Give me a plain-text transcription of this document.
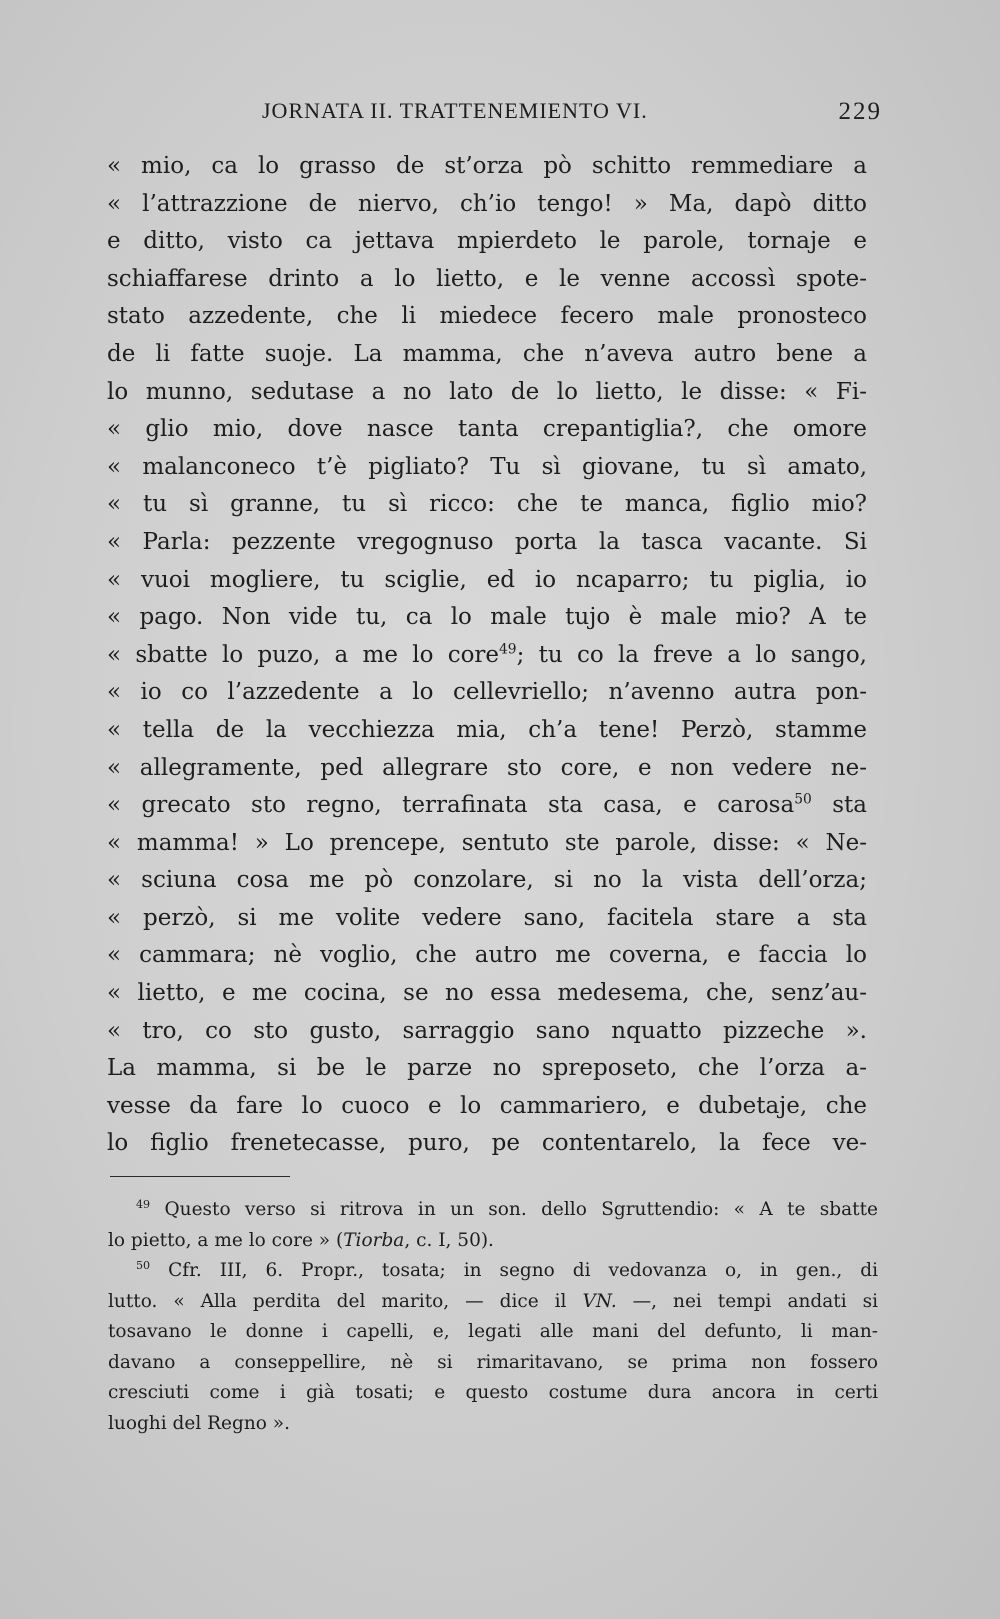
JORNATA II. TRATTENEMIENTO VI.	229
« mio, ca lo grasso de st’orza pò schitto remmediare a
« l’attrazzione de niervo, ch’io tengo! » Ma, dapò ditto
e ditto, visto ca jettava mpierdeto le parole, tornaje e
schiaffarese drinto a lo lietto, e le venne accossì spote-
stato azzedente, che li miedece fecero male pronosteco
de li fatte suoje. La mamma, che n’aveva autro bene a
lo munno, sedutase a no lato de lo lietto, le disse: « Fi-
« glio mio, dove nasce tanta crepantiglia?, che omore
« malanconeco t’è pigliato? Tu sì giovane, tu sì amato,
« tu sì granne, tu sì ricco: che te manca, figlio mio?
« Parla: pezzente vregognuso porta la tasca vacante. Si
« vuoi mogliere, tu sciglie, ed io ncaparro; tu piglia, io
« pago. Non vide tu, ca lo male tujo è male mio? A te
« sbatte lo puzo, a me lo core$^{49}$; tu co la freve a lo sango,
« io co l’azzedente a lo cellevriello; n’avenno autra pon-
« tella de la vecchiezza mia, ch’a tene! Perzò, stamme
« allegramente, ped allegrare sto core, e non vedere ne-
« grecato sto regno, terrafinata sta casa, e carosa$^{50}$ sta
« mamma! » Lo prencepe, sentuto ste parole, disse: « Ne-
« sciuna cosa me pò conzolare, si no la vista dell’orza;
« perzò, si me volite vedere sano, facitela stare a sta
« cammara; nè voglio, che autro me coverna, e faccia lo
« lietto, e me cocina, se no essa medesema, che, senz’au-
« tro, co sto gusto, sarraggio sano nquatto pizzeche ».
La mamma, si be le parze no spreposeto, che l’orza a-
vesse da fare lo cuoco e lo cammariero, e dubetaje, che
lo figlio frenetecasse, puro, pe contentarelo, la fece ve-
$^{49}$ Questo verso si ritrova in un son. dello Sgruttendio: « A te sbatte
lo pietto, a me lo core » (Tiorba, c. I, 50).
$^{50}$ Cfr. III, 6. Propr., tosata; in segno di vedovanza o, in gen., di
lutto. « Alla perdita del marito, — dice il VN. —, nei tempi andati si
tosavano le donne i capelli, e, legati alle mani del defunto, li man-
davano a conseppellire, nè si rimaritavano, se prima non fossero
cresciuti come i già tosati; e questo costume dura ancora in certi
luoghi del Regno ».
